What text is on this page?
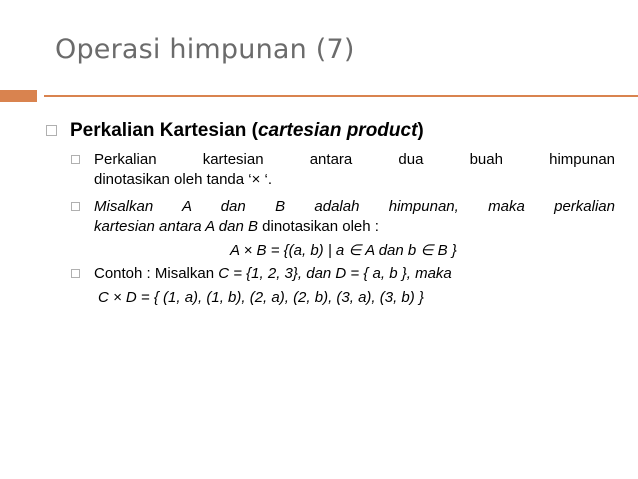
Operasi himpunan (7)
Perkalian Kartesian (cartesian product)
Perkalian kartesian antara dua buah himpunan
dinotasikan oleh tanda ‘× ‘.
Misalkan A dan B adalah himpunan, maka perkalian
kartesian antara A dan B dinotasikan oleh :
A × B = {(a, b) | a ∈ A dan b ∈ B }
Contoh : Misalkan C = {1, 2, 3}, dan D = { a, b }, maka
C × D = { (1, a), (1, b), (2, a), (2, b), (3, a), (3, b) }
